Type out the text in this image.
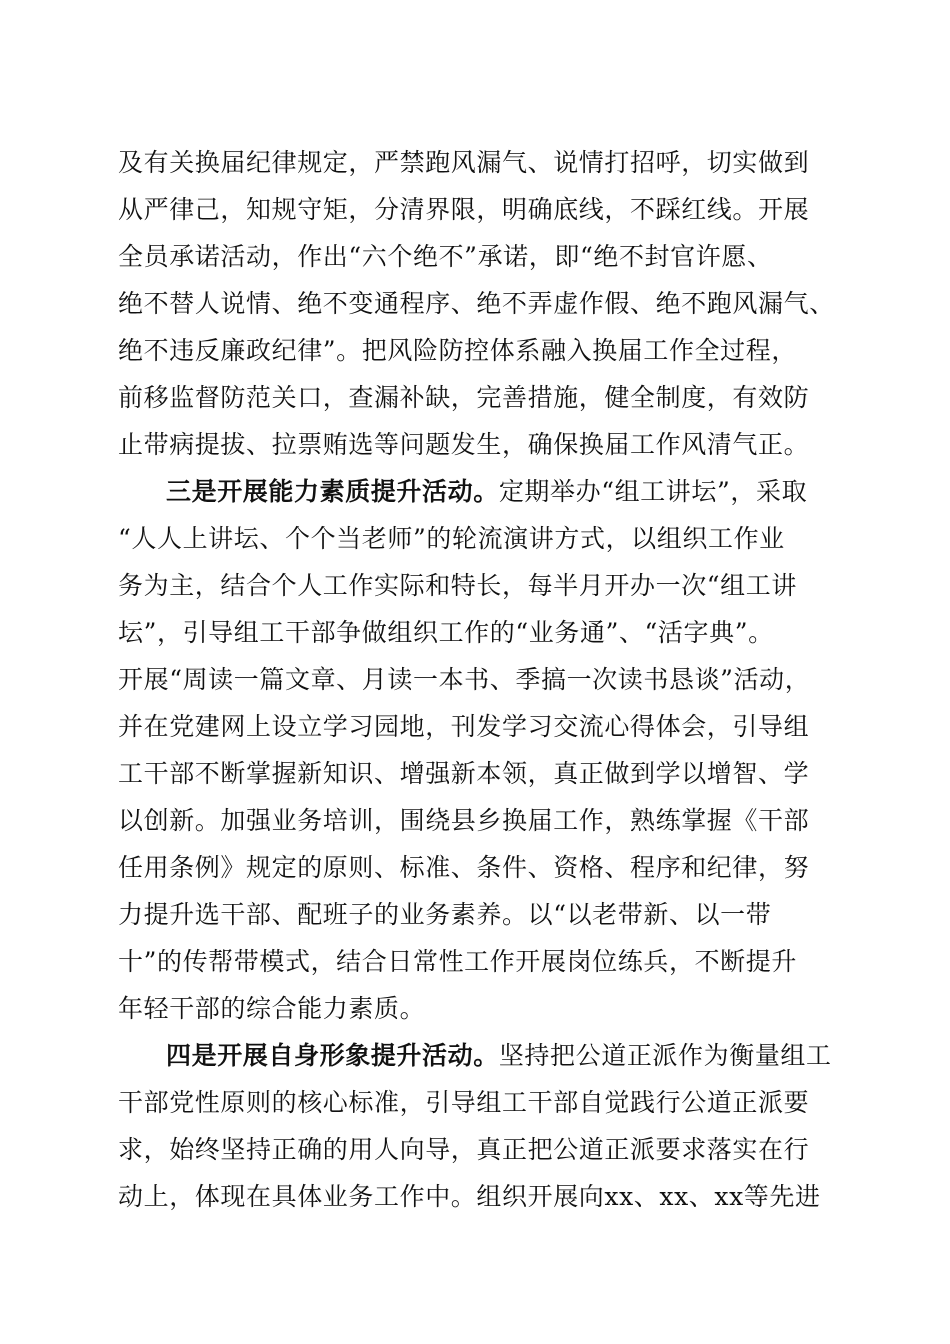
及有关换届纪律规定，严禁跑风漏气、说情打招呼，切实做到
从严律己，知规守矩，分清界限，明确底线，不踩红线。开展
全员承诺活动，作出“六个绝不”承诺，即“绝不封官许愿、
绝不替人说情、绝不变通程序、绝不弄虚作假、绝不跑风漏气、
绝不违反廉政纪律”。把风险防控体系融入换届工作全过程，
前移监督防范关口，查漏补缺，完善措施，健全制度，有效防
止带病提拔、拉票贿选等问题发生，确保换届工作风清气正。
三是开展能力素质提升活动。定期举办“组工讲坛”，采取
“人人上讲坛、个个当老师”的轮流演讲方式，以组织工作业
务为主，结合个人工作实际和特长，每半月开办一次“组工讲
坛”，引导组工干部争做组织工作的“业务通”、“活字典”。
开展“周读一篇文章、月读一本书、季搞一次读书恳谈”活动，
并在党建网上设立学习园地，刊发学习交流心得体会，引导组
工干部不断掌握新知识、增强新本领，真正做到学以增智、学
以创新。加强业务培训，围绕县乡换届工作，熟练掌握《干部
任用条例》规定的原则、标准、条件、资格、程序和纪律，努
力提升选干部、配班子的业务素养。以“以老带新、以一带
十”的传帮带模式，结合日常性工作开展岗位练兵，不断提升
年轻干部的综合能力素质。
四是开展自身形象提升活动。坚持把公道正派作为衡量组工
干部党性原则的核心标准，引导组工干部自觉践行公道正派要
求，始终坚持正确的用人向导，真正把公道正派要求落实在行
动上，体现在具体业务工作中。组织开展向xx、xx、xx等先进
